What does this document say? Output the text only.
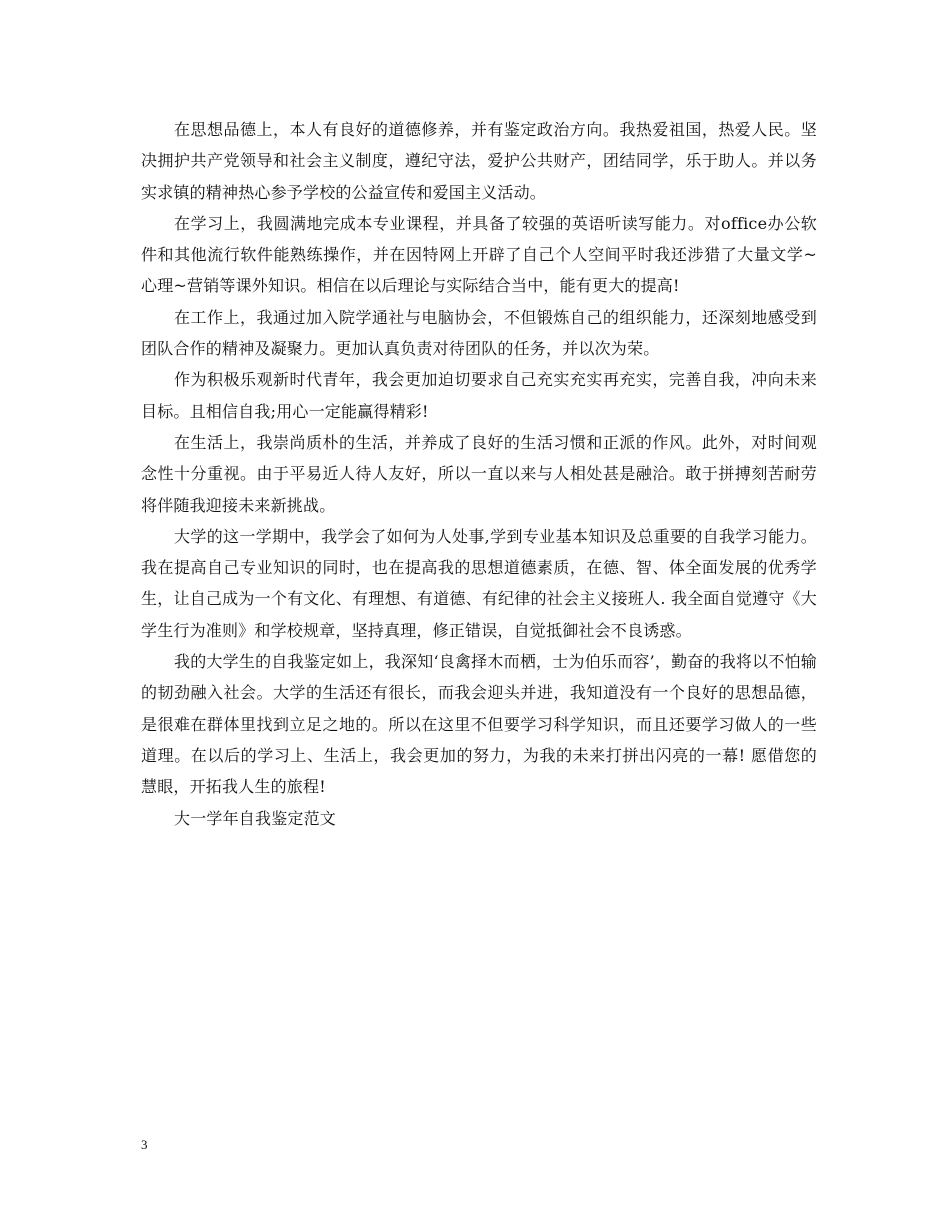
在思想品德上，本人有良好的道德修养，并有鉴定政治方向。我热爱祖国，热爱人民。坚决拥护共产党领导和社会主义制度，遵纪守法，爱护公共财产，团结同学，乐于助人。并以务实求镇的精神热心参予学校的公益宣传和爱国主义活动。

在学习上，我圆满地完成本专业课程，并具备了较强的英语听读写能力。对office办公软件和其他流行软件能熟练操作，并在因特网上开辟了自己个人空间平时我还涉猎了大量文学~心理~营销等课外知识。相信在以后理论与实际结合当中，能有更大的提高!

在工作上，我通过加入院学通社与电脑协会，不但锻炼自己的组织能力，还深刻地感受到团队合作的精神及凝聚力。更加认真负责对待团队的任务，并以次为荣。

作为积极乐观新时代青年，我会更加迫切要求自己充实充实再充实，完善自我，冲向未来目标。且相信自我;用心一定能赢得精彩!

在生活上，我崇尚质朴的生活，并养成了良好的生活习惯和正派的作风。此外，对时间观念性十分重视。由于平易近人待人友好，所以一直以来与人相处甚是融洽。敢于拼搏刻苦耐劳将伴随我迎接未来新挑战。

大学的这一学期中，我学会了如何为人处事,学到专业基本知识及总重要的自我学习能力。我在提高自己专业知识的同时，也在提高我的思想道德素质，在德、智、体全面发展的优秀学生，让自己成为一个有文化、有理想、有道德、有纪律的社会主义接班人. 我全面自觉遵守《大学生行为准则》和学校规章，坚持真理，修正错误，自觉抵御社会不良诱惑。

我的大学生的自我鉴定如上，我深知‘良禽择木而栖，士为伯乐而容’，勤奋的我将以不怕输的韧劲融入社会。大学的生活还有很长，而我会迎头并进，我知道没有一个良好的思想品德，是很难在群体里找到立足之地的。所以在这里不但要学习科学知识，而且还要学习做人的一些道理。在以后的学习上、生活上，我会更加的努力，为我的未来打拼出闪亮的一幕! 愿借您的慧眼，开拓我人生的旅程!

大一学年自我鉴定范文

3
